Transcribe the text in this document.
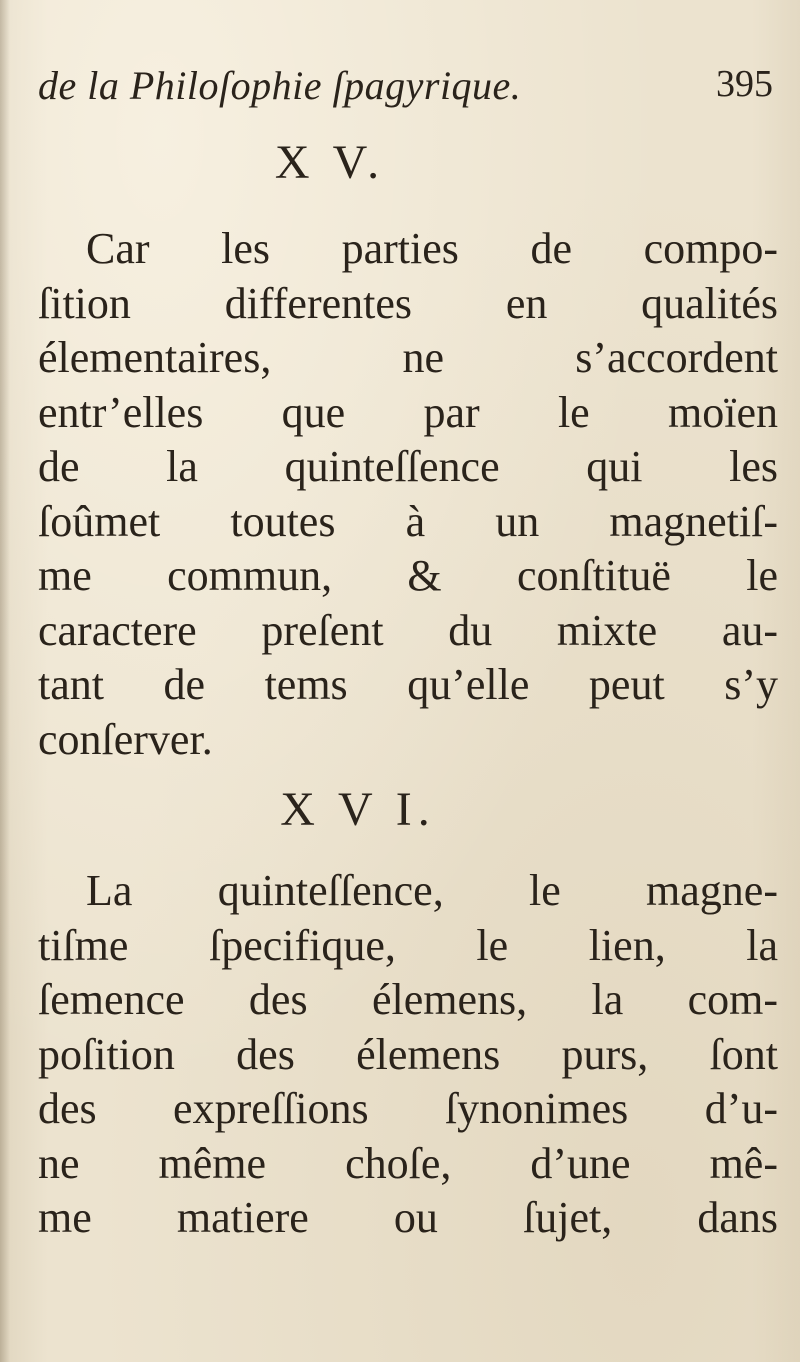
de la Philoſophie ſpagyrique.	395
X V.

Car les parties de compo-
ſition differentes en qualités
élementaires, ne s’accordent
entr’elles que par le moïen
de la quinteſſence qui les
ſoûmet toutes à un magnetiſ-
me commun, & conſtituë le
caractere preſent du mixte au-
tant de tems qu’elle peut s’y
conſerver.

X V I.

La quinteſſence, le magne-
tiſme ſpecifique, le lien, la
ſemence des élemens, la com-
poſition des élemens purs, ſont
des expreſſions ſynonimes d’u-
ne même choſe, d’une mê-
me matiere ou ſujet, dans
